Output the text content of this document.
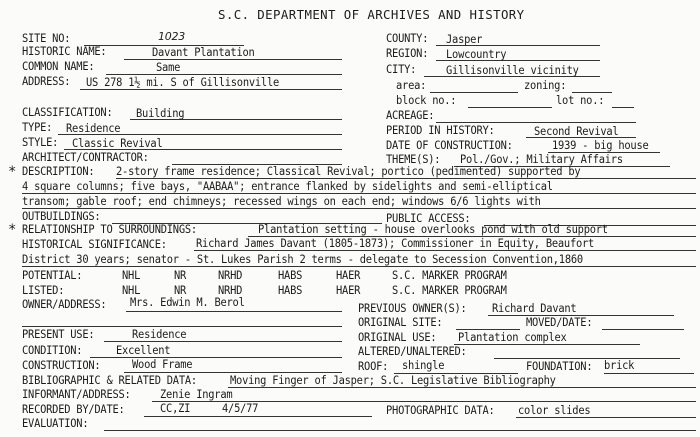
S.C. DEPARTMENT OF ARCHIVES AND HISTORY
SITE NO:	1023
HISTORIC NAME:	Davant Plantation
COMMON NAME:	Same
ADDRESS: US 278 1½ mi. S of Gillisonville
COUNTY: Jasper
REGION: Lowcountry
CITY:	Gillisonville vicinity
area:	zoning:
block no.:	lot no.:
CLASSIFICATION: Building
TYPE: Residence
STYLE: Classic Revival
ARCHITECT/CONTRACTOR:
ACREAGE:
PERIOD IN HISTORY:	Second Revival
DATE OF CONSTRUCTION:	1939 - big house
THEME(S): Pol./Gov.; Military Affairs
* DESCRIPTION: 2-story frame residence; Classical Revival; portico (pedimented) supported by
4 square columns; five bays, "AABAA"; entrance flanked by sidelights and semi-elliptical
transom; gable roof; end chimneys; recessed wings on each end; windows 6/6 lights with
OUTBUILDINGS:	PUBLIC ACCESS:
* RELATIONSHIP TO SURROUNDINGS:	Plantation setting - house overlooks pond with old support
HISTORICAL SIGNIFICANCE:	Richard James Davant (1805-1873); Commissioner in Equity, Beaufort
District 30 years; senator - St. Lukes Parish 2 terms - delegate to Secession Convention,1860
POTENTIAL:	NHL	NR	NRHD	HABS	HAER	S.C. MARKER PROGRAM
LISTED:	NHL	NR	NRHD	HABS	HAER	S.C. MARKER PROGRAM
OWNER/ADDRESS: Mrs. Edwin M. Berol	PREVIOUS OWNER(S): Richard Davant
ORIGINAL SITE:	MOVED/DATE:
PRESENT USE:	Residence	ORIGINAL USE: Plantation complex
CONDITION:	Excellent	ALTERED/UNALTERED:
CONSTRUCTION:	Wood Frame	ROOF: shingle	FOUNDATION: brick
BIBLIOGRAPHIC & RELATED DATA:	Moving Finger of Jasper; S.C. Legislative Bibliography
INFORMANT/ADDRESS:	Zenie Ingram
RECORDED BY/DATE:	CC,ZI	4/5/77	PHOTOGRAPHIC DATA: color slides
EVALUATION:
